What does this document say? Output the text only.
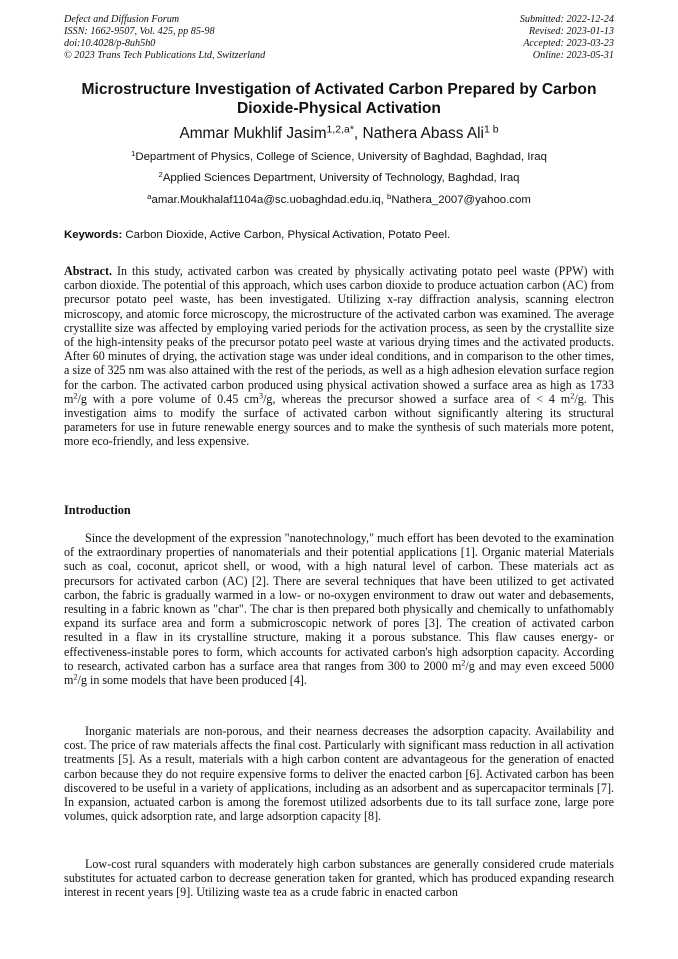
Defect and Diffusion Forum
ISSN: 1662-9507, Vol. 425, pp 85-98
doi:10.4028/p-8uh5h0
© 2023 Trans Tech Publications Ltd, Switzerland
Submitted: 2022-12-24
Revised: 2023-01-13
Accepted: 2023-03-23
Online: 2023-05-31
Microstructure Investigation of Activated Carbon Prepared by Carbon Dioxide-Physical Activation
Ammar Mukhlif Jasim$^{1,2,a*}$, Nathera Abass Ali$^{1 b}$
$^1$Department of Physics, College of Science, University of Baghdad, Baghdad, Iraq
$^2$Applied Sciences Department, University of Technology, Baghdad, Iraq
$^a$amar.Moukhalaf1104a@sc.uobaghdad.edu.iq, $^b$Nathera_2007@yahoo.com
Keywords: Carbon Dioxide, Active Carbon, Physical Activation, Potato Peel.
Abstract. In this study, activated carbon was created by physically activating potato peel waste (PPW) with carbon dioxide. The potential of this approach, which uses carbon dioxide to produce actuation carbon (AC) from precursor potato peel waste, has been investigated. Utilizing x-ray diffraction analysis, scanning electron microscopy, and atomic force microscopy, the microstructure of the activated carbon was examined. The average crystallite size was affected by employing varied periods for the activation process, as seen by the crystallite size of the high-intensity peaks of the precursor potato peel waste at various drying times and the activated products. After 60 minutes of drying, the activation stage was under ideal conditions, and in comparison to the other times, a size of 325 nm was also attained with the rest of the periods, as well as a high adhesion elevation surface region for the carbon. The activated carbon produced using physical activation showed a surface area as high as 1733 $m^2/g$ with a pore volume of 0.45 $cm^3/g$, whereas the precursor showed a surface area of < 4 $m^2/g$. This investigation aims to modify the surface of activated carbon without significantly altering its structural parameters for use in future renewable energy sources and to make the synthesis of such materials more potent, more eco-friendly, and less expensive.
Introduction
Since the development of the expression "nanotechnology," much effort has been devoted to the examination of the extraordinary properties of nanomaterials and their potential applications [1]. Organic material Materials such as coal, coconut, apricot shell, or wood, with a high natural level of carbon. These materials act as precursors for activated carbon (AC) [2]. There are several techniques that have been utilized to get activated carbon, the fabric is gradually warmed in a low- or no-oxygen environment to draw out water and debasements, resulting in a fabric known as "char". The char is then prepared both physically and chemically to unfathomably expand its surface area and form a submicroscopic network of pores [3]. The creation of activated carbon resulted in a flaw in its crystalline structure, making it a porous substance. This flaw causes energy- or effectiveness-instable pores to form, which accounts for activated carbon's high adsorption capacity. According to research, activated carbon has a surface area that ranges from 300 to 2000 $m^2/g$ and may even exceed 5000 $m^2/g$ in some models that have been produced [4].
Inorganic materials are non-porous, and their nearness decreases the adsorption capacity. Availability and cost. The price of raw materials affects the final cost. Particularly with significant mass reduction in all activation treatments [5]. As a result, materials with a high carbon content are advantageous for the generation of enacted carbon because they do not require expensive forms to deliver the enacted carbon [6]. Activated carbon has been discovered to be useful in a variety of applications, including as an adsorbent and as supercapacitor terminals [7]. In expansion, actuated carbon is among the foremost utilized adsorbents due to its tall surface zone, large pore volumes, quick adsorption rate, and large adsorption capacity [8].
Low-cost rural squanders with moderately high carbon substances are generally considered crude materials substitutes for actuated carbon to decrease generation taken for granted, which has produced expanding research interest in recent years [9]. Utilizing waste tea as a crude fabric in enacted carbon
